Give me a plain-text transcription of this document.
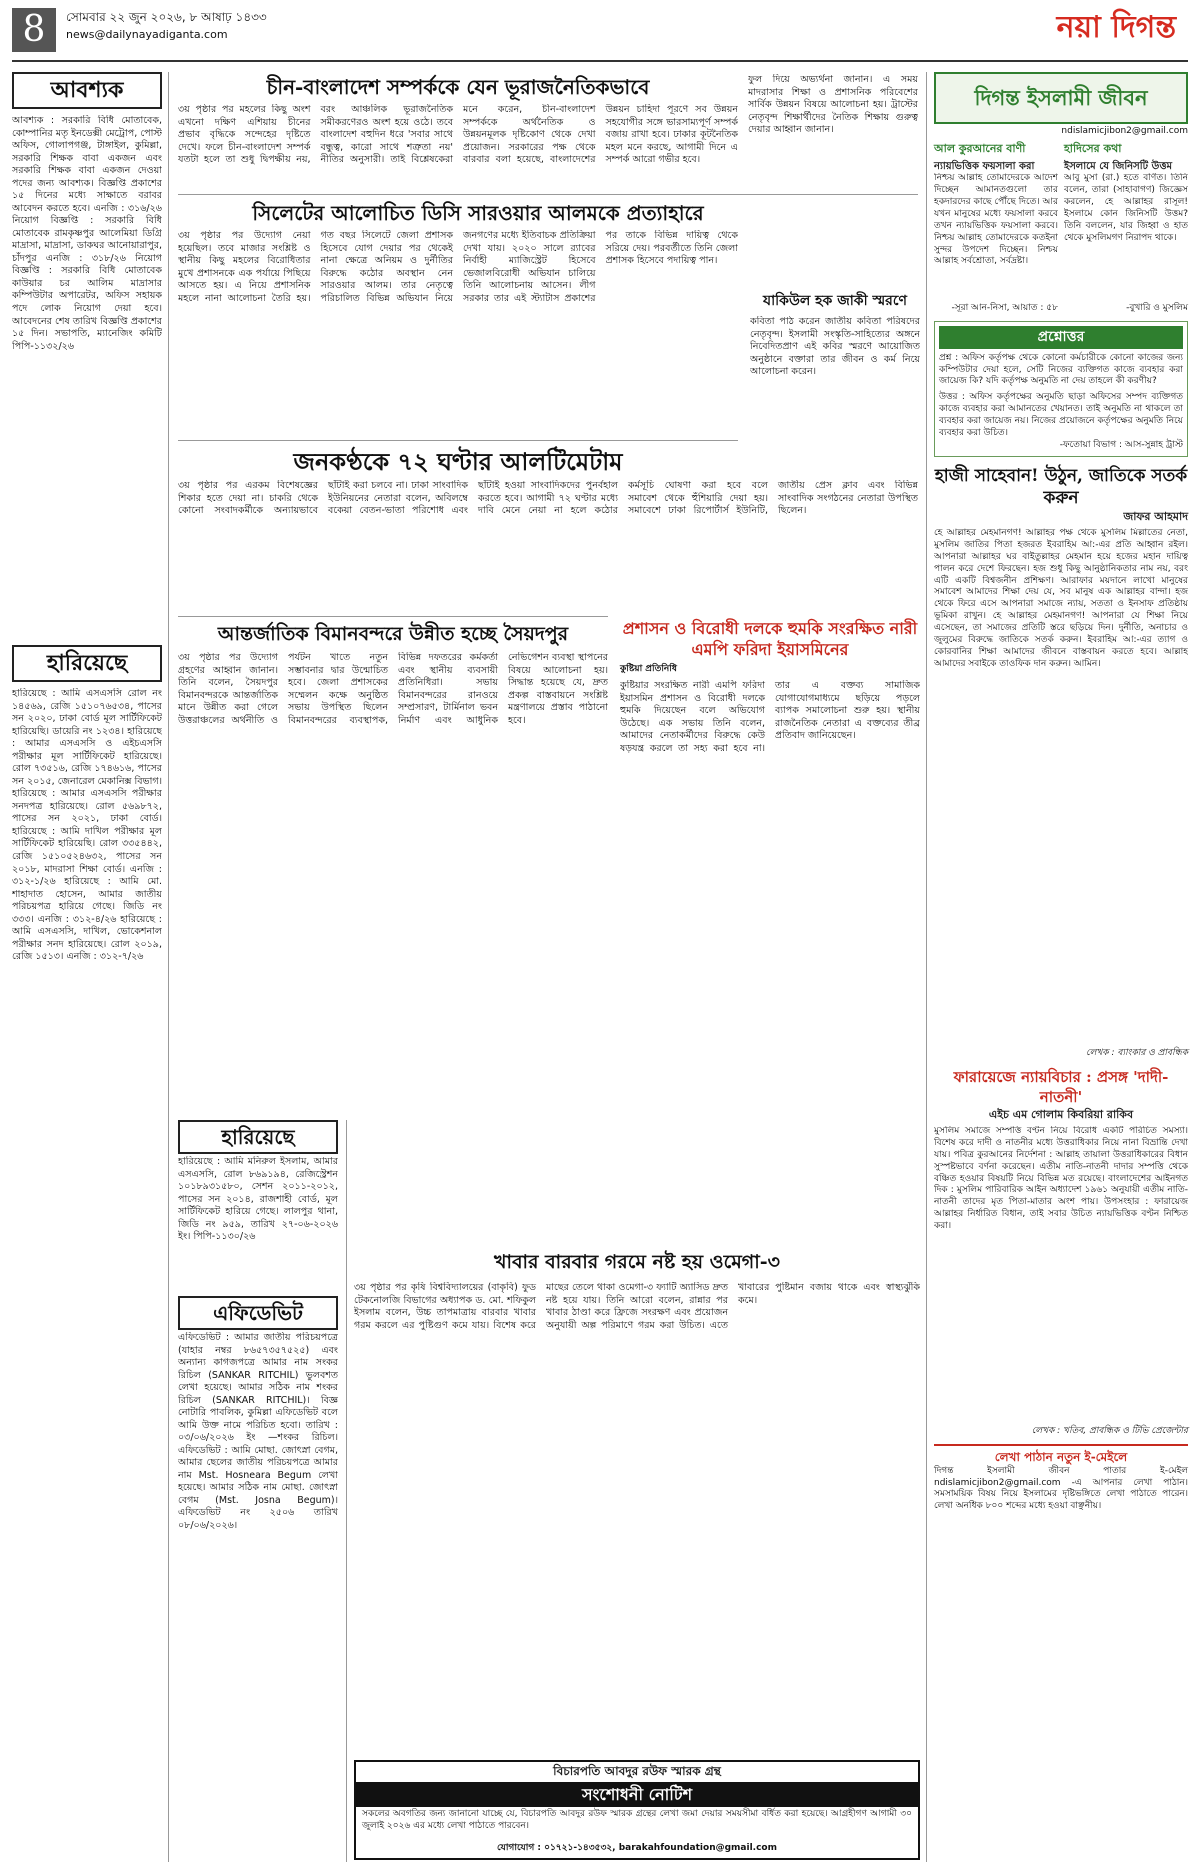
8	সোমবার ২২ জুন ২০২৬, ৮ আষাঢ় ১৪৩৩
news@dailynayadiganta.com	নয়া দিগন্ত
আবশ্যক
আবশ্যক : সরকারি বিধি মোতাবেক, কোম্পানির মতৃ ইনডেক্সী মেট্রোপ, পোস্ট অফিস, গোলাপগঞ্জ, টাঙ্গাইল, কুমিল্লা, সরকারি শিক্ষক বাবা একজন এবং সরকারি শিক্ষক বাবা একজন দেওয়া পদের জন্য আবশ্যক। বিজ্ঞপ্তি প্রকাশের ১৫ দিনের মধ্যে সাক্ষাতে বরাবর আবেদন করতে হবে। এনজি : ৩১৬/২৬ নিয়োগ বিজ্ঞপ্তি : সরকারি বিধি মোতাবেক রামকৃষ্ণপুর আলেমিয়া ডিগ্রি মাদ্রাসা, মাদ্রাসা, ডাকঘর আনোয়ারাপুর, চাঁদপুর এনজি : ৩১৮/২৬ নিয়োগ বিজ্ঞপ্তি : সরকারি বিধি মোতাবেক কাউয়ার চর আলিম মাদ্রাসার কম্পিউটার অপারেটর, অফিস সহায়ক পদে লোক নিয়োগ দেয়া হবে। আবেদনের শেষ তারিখ বিজ্ঞপ্তি প্রকাশের ১৫ দিন। সভাপতি, ম্যানেজিং কমিটি পিপি-১১৩২/২৬
হারিয়েছে
হারিয়েছে : আমি এসএসসি রোল নং ১৪৫৬৯, রেজি ১৫১০৭৬৫৩৪, পাসের সন ২০২০, ঢাকা বোর্ড মূল সার্টিফিকেট হারিয়েছি। ডায়েরি নং ১২৩৪। হারিয়েছে : আমার এসএসসি ও এইচএসসি পরীক্ষার মূল সার্টিফিকেট হারিয়েছে। রোল ৭৩৫১৬, রেজি ১৭৪৬১৬, পাসের সন ২০১৫, জেনারেল মেকানিক্স বিভাগ। হারিয়েছে : আমার এসএসসি পরীক্ষার সনদপত্র হারিয়েছে। রোল ৫৬৯৮৭২, পাসের সন ২০২১, ঢাকা বোর্ড। হারিয়েছে : আমি দাখিল পরীক্ষার মূল সার্টিফিকেট হারিয়েছি। রোল ৩৩৫৪৪২, রেজি ১৫১০৫২৪৬৩২, পাসের সন ২০১৮, মাদরাসা শিক্ষা বোর্ড। এনজি : ৩১২-১/২৬ হারিয়েছে : আমি মো. শাহাদাত হোসেন, আমার জাতীয় পরিচয়পত্র হারিয়ে গেছে। জিডি নং ৩৩৩। এনজি : ৩১২-৪/২৬ হারিয়েছে : আমি এসএসসি, দাখিল, ভোকেশনাল পরীক্ষার সনদ হারিয়েছে। রোল ২০১৯, রেজি ১৫১৩। এনজি : ৩১২-৭/২৬
চীন-বাংলাদেশ সম্পর্ককে যেন ভূরাজনৈতিকভাবে
৩য় পৃষ্ঠার পর মহলের কিছু অংশ এখনো দক্ষিণ এশিয়ায় চীনের প্রভাব বৃদ্ধিকে সন্দেহের দৃষ্টিতে দেখে। ফলে চীন-বাংলাদেশ সম্পর্ক যতটা হলে তা শুধু দ্বিপক্ষীয় নয়, বরং আঞ্চলিক ভূরাজনৈতিক সমীকরণেরও অংশ হয়ে ওঠে। তবে বাংলাদেশ বহুদিন ধরে 'সবার সাথে বন্ধুত্ব, কারো সাথে শত্রুতা নয়' নীতির অনুসারী। তাই বিশ্লেষকেরা মনে করেন, চীন-বাংলাদেশ সম্পর্ককে অর্থনৈতিক ও উন্নয়নমূলক দৃষ্টিকোণ থেকে দেখা প্রয়োজন। সরকারের পক্ষ থেকে বারবার বলা হয়েছে, বাংলাদেশের উন্নয়ন চাহিদা পূরণে সব উন্নয়ন সহযোগীর সঙ্গে ভারসাম্যপূর্ণ সম্পর্ক বজায় রাখা হবে। ঢাকার কূটনৈতিক মহল মনে করছে, আগামী দিনে এ সম্পর্ক আরো গভীর হবে।
ফুল দিয়ে অভ্যর্থনা জানান। এ সময় মাদরাসার শিক্ষা ও প্রশাসনিক পরিবেশের সার্বিক উন্নয়ন বিষয়ে আলোচনা হয়। ট্রাস্টের নেতৃবৃন্দ শিক্ষার্থীদের নৈতিক শিক্ষায় গুরুত্ব দেয়ার আহ্বান জানান।
সিলেটের আলোচিত ডিসি সারওয়ার আলমকে প্রত্যাহারে
৩য় পৃষ্ঠার পর উদ্যোগ নেয়া হয়েছিল। তবে মাজার সংশ্লিষ্ট ও স্থানীয় কিছু মহলের বিরোধিতার মুখে প্রশাসনকে এক পর্যায়ে পিছিয়ে আসতে হয়। এ নিয়ে প্রশাসনিক মহলে নানা আলোচনা তৈরি হয়। গত বছর সিলেটে জেলা প্রশাসক হিসেবে যোগ দেয়ার পর থেকেই নানা ক্ষেত্রে অনিয়ম ও দুর্নীতির বিরুদ্ধে কঠোর অবস্থান নেন সারওয়ার আলম। তার নেতৃত্বে পরিচালিত বিভিন্ন অভিযান নিয়ে জনগণের মধ্যে ইতিবাচক প্রতিক্রিয়া দেখা যায়। ২০২০ সালে র‍্যাবের নির্বাহী ম্যাজিস্ট্রেট হিসেবে ভেজালবিরোধী অভিযান চালিয়ে তিনি আলোচনায় আসেন। লীগ সরকার তার এই স্ট্যাটাস প্রকাশের পর তাকে বিভিন্ন দায়িত্ব থেকে সরিয়ে দেয়। পরবর্তীতে তিনি জেলা প্রশাসক হিসেবে পদায়িত্ব পান।
যাকিউল হক জাকী স্মরণে
কবিতা পাঠ করেন জাতীয় কবিতা পরিষদের নেতৃবৃন্দ। ইসলামী সংস্কৃতি-সাহিত্যের অঙ্গনে নিবেদিতপ্রাণ এই কবির স্মরণে আয়োজিত অনুষ্ঠানে বক্তারা তার জীবন ও কর্ম নিয়ে আলোচনা করেন।
জনকণ্ঠকে ৭২ ঘণ্টার আলটিমেটাম
৩য় পৃষ্ঠার পর এরকম বিশেষজ্ঞের শিকার হতে দেয়া না। চাকরি থেকে কোনো সংবাদকর্মীকে অন্যায়ভাবে ছাঁটাই করা চলবে না। ঢাকা সাংবাদিক ইউনিয়নের নেতারা বলেন, অবিলম্বে বকেয়া বেতন-ভাতা পরিশোধ এবং ছাঁটাই হওয়া সাংবাদিকদের পুনর্বহাল করতে হবে। আগামী ৭২ ঘণ্টার মধ্যে দাবি মেনে নেয়া না হলে কঠোর কর্মসূচি ঘোষণা করা হবে বলে সমাবেশ থেকে হুঁশিয়ারি দেয়া হয়। সমাবেশে ঢাকা রিপোর্টার্স ইউনিটি, জাতীয় প্রেস ক্লাব এবং বিভিন্ন সাংবাদিক সংগঠনের নেতারা উপস্থিত ছিলেন।
প্রশাসন ও বিরোধী দলকে হুমকি সংরক্ষিত নারী এমপি ফরিদা ইয়াসমিনের
কুষ্টিয়া প্রতিনিধি
কুষ্টিয়ার সংরক্ষিত নারী এমপি ফরিদা ইয়াসমিন প্রশাসন ও বিরোধী দলকে হুমকি দিয়েছেন বলে অভিযোগ উঠেছে। এক সভায় তিনি বলেন, আমাদের নেতাকর্মীদের বিরুদ্ধে কেউ ষড়যন্ত্র করলে তা সহ্য করা হবে না। তার এ বক্তব্য সামাজিক যোগাযোগমাধ্যমে ছড়িয়ে পড়লে ব্যাপক সমালোচনা শুরু হয়। স্থানীয় রাজনৈতিক নেতারা এ বক্তব্যের তীব্র প্রতিবাদ জানিয়েছেন।
আন্তর্জাতিক বিমানবন্দরে উন্নীত হচ্ছে সৈয়দপুর
৩য় পৃষ্ঠার পর উদ্যোগ গ্রহণের আহ্বান জানান। তিনি বলেন, সৈয়দপুর বিমানবন্দরকে আন্তর্জাতিক মানে উন্নীত করা গেলে উত্তরাঞ্চলের অর্থনীতি ও পর্যটন খাতে নতুন সম্ভাবনার দ্বার উন্মোচিত হবে। জেলা প্রশাসকের সম্মেলন কক্ষে অনুষ্ঠিত সভায় উপস্থিত ছিলেন বিমানবন্দরের ব্যবস্থাপক, বিভিন্ন দফতরের কর্মকর্তা এবং স্থানীয় ব্যবসায়ী প্রতিনিধিরা। সভায় বিমানবন্দরের রানওয়ে সম্প্রসারণ, টার্মিনাল ভবন নির্মাণ এবং আধুনিক নেভিগেশন ব্যবস্থা স্থাপনের বিষয়ে আলোচনা হয়। সিদ্ধান্ত হয়েছে যে, দ্রুত প্রকল্প বাস্তবায়নে সংশ্লিষ্ট মন্ত্রণালয়ে প্রস্তাব পাঠানো হবে।
হারিয়েছে
হারিয়েছে : আমি মনিরুল ইসলাম, আমার এসএসসি, রোল ৮৬৯১৯৪, রেজিস্ট্রেশন ১০১৮৯৩১৫৮০, সেশন ২০১১-২০১২, পাসের সন ২০১৪, রাজশাহী বোর্ড, মূল সার্টিফিকেট হারিয়ে গেছে। লালপুর থানা, জিডি নং ৯৫৯, তারিখ ২৭-০৬-২০২৬ ইং। পিপি-১১৩০/২৬
এফিডেভিট
এফিডেভিট : আমার জাতীয় পরিচয়পত্রে (যাহার নম্বর ৮৬৫৭৩৫৭৫২৫) এবং অন্যান্য কাগজপত্রে আমার নাম সংকর রিচিল (SANKAR RITCHIL) ভুলবশত লেখা হয়েছে। আমার সঠিক নাম শংকর রিচিল (SANKAR RITCHIL)। বিজ্ঞ নোটারি পাবলিক, কুমিল্লা এফিডেভিট বলে আমি উক্ত নামে পরিচিত হবো। তারিখ : ০৩/০৬/২০২৬ ইং —শংকর রিচিল। এফিডেভিট : আমি মোছা. জোৎস্না বেগম, আমার ছেলের জাতীয় পরিচয়পত্রে আমার নাম Mst. Hosneara Begum লেখা হয়েছে। আমার সঠিক নাম মোছা. জোৎস্না বেগম (Mst. Josna Begum)। এফিডেভিট নং ২৫০৬ তারিখ ০৮/০৬/২০২৬।
খাবার বারবার গরমে নষ্ট হয় ওমেগা-৩
৩য় পৃষ্ঠার পর কৃষি বিশ্ববিদ্যালয়ের (বাকৃবি) ফুড টেকনোলজি বিভাগের অধ্যাপক ড. মো. শফিকুল ইসলাম বলেন, উচ্চ তাপমাত্রায় বারবার খাবার গরম করলে এর পুষ্টিগুণ কমে যায়। বিশেষ করে মাছের তেলে থাকা ওমেগা-৩ ফ্যাটি অ্যাসিড দ্রুত নষ্ট হয়ে যায়। তিনি আরো বলেন, রান্নার পর খাবার ঠাণ্ডা করে ফ্রিজে সংরক্ষণ এবং প্রয়োজন অনুযায়ী অল্প পরিমাণে গরম করা উচিত। এতে খাবারের পুষ্টিমান বজায় থাকে এবং স্বাস্থ্যঝুঁকি কমে।
বিচারপতি আবদুর রউফ স্মারক গ্রন্থ
সংশোধনী নোটিশ
সকলের অবগতির জন্য জানানো যাচ্ছে যে, বিচারপতি আবদুর রউফ স্মারক গ্রন্থের লেখা জমা দেয়ার সময়সীমা বর্ধিত করা হয়েছে। আগ্রহীগণ আগামী ৩০ জুলাই ২০২৬ এর মধ্যে লেখা পাঠাতে পারবেন।
যোগাযোগ : ০১৭২১-১৪৩৫৩২, barakahfoundation@gmail.com
দিগন্ত ইসলামী জীবন
ndislamicjibon2@gmail.com
আল কুরআনের বাণী	হাদিসের কথা
ন্যায়ভিত্তিক ফয়সালা করা
নিশ্চয় আল্লাহ তোমাদেরকে আদেশ দিচ্ছেন আমানতগুলো তার হকদারদের কাছে পৌঁছে দিতে। আর যখন মানুষের মধ্যে ফয়সালা করবে তখন ন্যায়ভিত্তিক ফয়সালা করবে। নিশ্চয় আল্লাহ তোমাদেরকে কতইনা সুন্দর উপদেশ দিচ্ছেন। নিশ্চয় আল্লাহ সর্বশ্রোতা, সর্বদ্রষ্টা।
-সূরা আন-নিসা, আয়াত : ৫৮
ইসলামে যে জিনিসটি উত্তম
আবু মুসা (রা.) হতে বর্ণিত। তিনি বলেন, তারা (সাহাবাগণ) জিজ্ঞেস করলেন, হে আল্লাহর রাসূল! ইসলামে কোন জিনিসটি উত্তম? তিনি বললেন, যার জিহ্বা ও হাত থেকে মুসলিমগণ নিরাপদ থাকে।
-বুখারি ও মুসলিম
প্রশ্নোত্তর
প্রশ্ন : অফিস কর্তৃপক্ষ থেকে কোনো কর্মচারীকে কোনো কাজের জন্য কম্পিউটার দেয়া হলে, সেটি নিজের ব্যক্তিগত কাজে ব্যবহার করা জায়েজ কি? যদি কর্তৃপক্ষ অনুমতি না দেয় তাহলে কী করণীয়?
উত্তর : অফিস কর্তৃপক্ষের অনুমতি ছাড়া অফিসের সম্পদ ব্যক্তিগত কাজে ব্যবহার করা আমানতের খেয়ানত। তাই অনুমতি না থাকলে তা ব্যবহার করা জায়েজ নয়। নিজের প্রয়োজনে কর্তৃপক্ষের অনুমতি নিয়ে ব্যবহার করা উচিত।
-ফতোয়া বিভাগ : আস-সুন্নাহ ট্রাস্ট
হাজী সাহেবান! উঠুন, জাতিকে সতর্ক করুন
জাফর আহমাদ
হে আল্লাহর মেহমানগণ! আল্লাহর পক্ষ থেকে মুসলিম মিল্লাতের নেতা, মুসলিম জাতির পিতা হজরত ইবরাহিম আ:-এর প্রতি আহ্বান রইল। আপনারা আল্লাহর ঘর বাইতুল্লাহর মেহমান হয়ে হজের মহান দায়িত্ব পালন করে দেশে ফিরছেন। হজ শুধু কিছু আনুষ্ঠানিকতার নাম নয়, বরং এটি একটি বিশ্বজনীন প্রশিক্ষণ। আরাফার ময়দানে লাখো মানুষের সমাবেশ আমাদের শিক্ষা দেয় যে, সব মানুষ এক আল্লাহর বান্দা। হজ থেকে ফিরে এসে আপনারা সমাজে ন্যায়, সততা ও ইনসাফ প্রতিষ্ঠায় ভূমিকা রাখুন। হে আল্লাহর মেহমানগণ! আপনারা যে শিক্ষা নিয়ে এসেছেন, তা সমাজের প্রতিটি স্তরে ছড়িয়ে দিন। দুর্নীতি, অনাচার ও জুলুমের বিরুদ্ধে জাতিকে সতর্ক করুন। ইবরাহিম আ:-এর ত্যাগ ও কোরবানির শিক্ষা আমাদের জীবনে বাস্তবায়ন করতে হবে। আল্লাহ আমাদের সবাইকে তাওফিক দান করুন। আমিন।
লেখক : ব্যাংকার ও প্রাবন্ধিক
ফারায়েজে ন্যায়বিচার : প্রসঙ্গ 'দাদী-নাতনী'
এইচ এম গোলাম কিবরিয়া রাকিব
মুসলিম সমাজে সম্পত্তি বণ্টন নিয়ে বিরোধ একটি পরিচিত সমস্যা। বিশেষ করে দাদী ও নাতনীর মধ্যে উত্তরাধিকার নিয়ে নানা বিভ্রান্তি দেখা যায়। পবিত্র কুরআনের নির্দেশনা : আল্লাহ তায়ালা উত্তরাধিকারের বিধান সুস্পষ্টভাবে বর্ণনা করেছেন। এতীম নাতি-নাতনী দাদার সম্পত্তি থেকে বঞ্চিত হওয়ার বিষয়টি নিয়ে বিভিন্ন মত রয়েছে। বাংলাদেশের আইনগত দিক : মুসলিম পারিবারিক আইন অধ্যাদেশ ১৯৬১ অনুযায়ী এতীম নাতি-নাতনী তাদের মৃত পিতা-মাতার অংশ পায়। উপসংহার : ফারায়েজ আল্লাহর নির্ধারিত বিধান, তাই সবার উচিত ন্যায়ভিত্তিক বণ্টন নিশ্চিত করা।
লেখক : খতিব, প্রাবন্ধিক ও টিভি প্রেজেন্টার
লেখা পাঠান নতুন ই-মেইলে
দিগন্ত ইসলামী জীবন পাতার ই-মেইল ndislamicjibon2@gmail.com -এ আপনার লেখা পাঠান। সমসাময়িক বিষয় নিয়ে ইসলামের দৃষ্টিভঙ্গিতে লেখা পাঠাতে পারেন। লেখা অনধিক ৮০০ শব্দের মধ্যে হওয়া বাঞ্ছনীয়।
